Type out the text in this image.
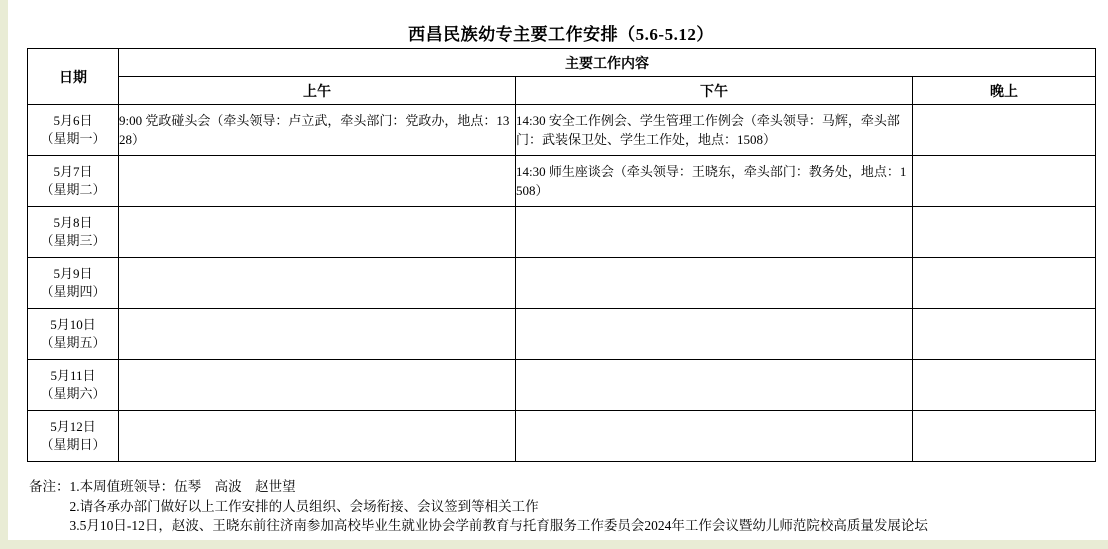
西昌民族幼专主要工作安排（5.6-5.12）
日期	主要工作内容		
	上午	下午	晚上

5月6日
（星期一）	9:00 党政碰头会（牵头领导：卢立武，牵头部门：党政办，地点：1328）	14:30 安全工作例会、学生管理工作例会（牵头领导：马辉，牵头部门：武装保卫处、学生工作处，地点：1508）	

5月7日
（星期二）		14:30 师生座谈会（牵头领导：王晓东，牵头部门：教务处，地点：1508）	

5月8日
（星期三）			

5月9日
（星期四）			

5月10日
（星期五）			

5月11日
（星期六）			

5月12日
（星期日）			

备注： 1.本周值班领导：伍琴　高波　赵世望
2.请各承办部门做好以上工作安排的人员组织、会场衔接、会议签到等相关工作
3.5月10日-12日，赵波、王晓东前往济南参加高校毕业生就业协会学前教育与托育服务工作委员会2024年工作会议暨幼儿师范院校高质量发展论坛
